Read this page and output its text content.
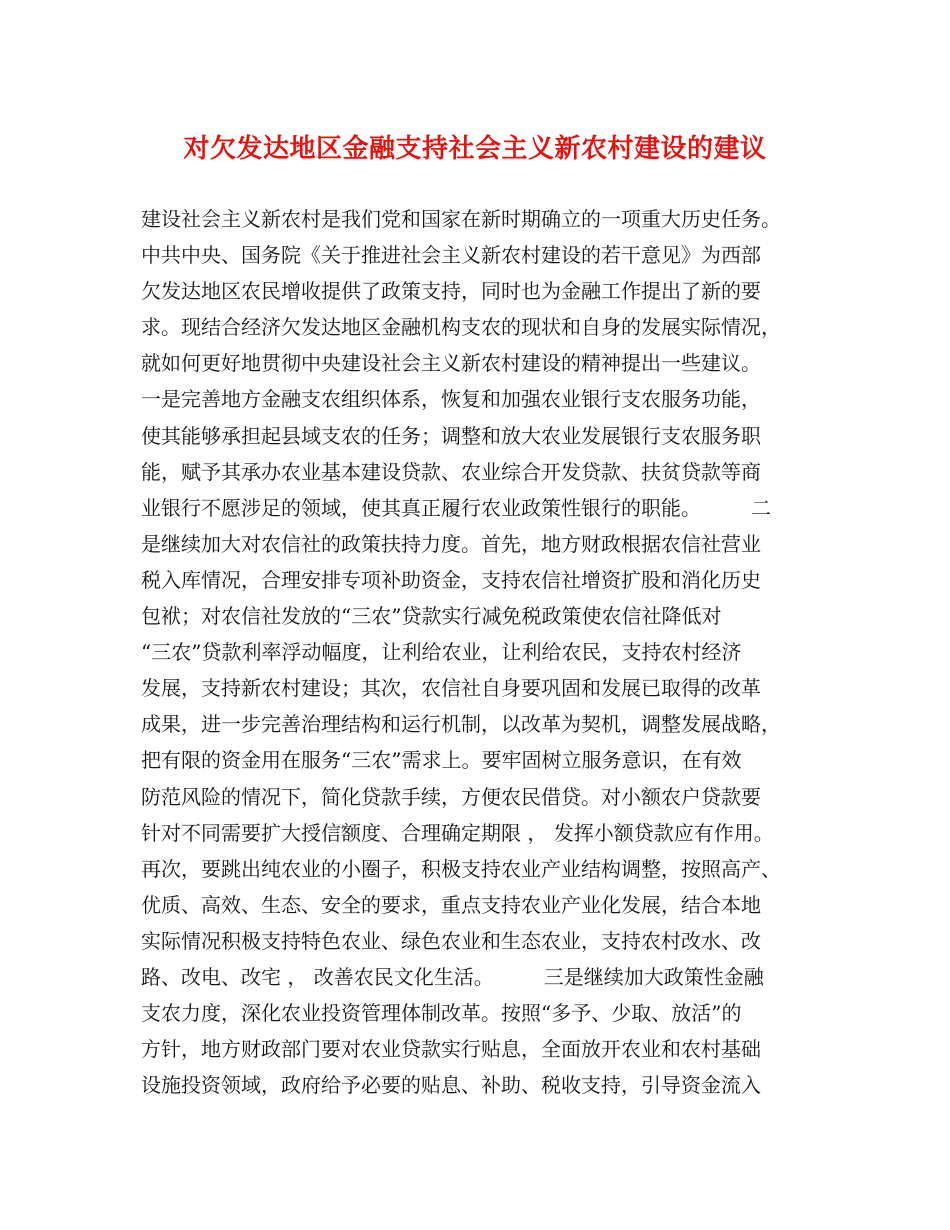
对欠发达地区金融支持社会主义新农村建设的建议
建设社会主义新农村是我们党和国家在新时期确立的一项重大历史任务。
中共中央、国务院《关于推进社会主义新农村建设的若干意见》为西部
欠发达地区农民增收提供了政策支持，同时也为金融工作提出了新的要
求。现结合经济欠发达地区金融机构支农的现状和自身的发展实际情况，
就如何更好地贯彻中央建设社会主义新农村建设的精神提出一些建议。
一是完善地方金融支农组织体系，恢复和加强农业银行支农服务功能，
使其能够承担起县域支农的任务；调整和放大农业发展银行支农服务职
能，赋予其承办农业基本建设贷款、农业综合开发贷款、扶贫贷款等商
业银行不愿涉足的领域，使其真正履行农业政策性银行的职能。　　　二
是继续加大对农信社的政策扶持力度。首先，地方财政根据农信社营业
税入库情况，合理安排专项补助资金，支持农信社增资扩股和消化历史
包袱；对农信社发放的“三农”贷款实行减免税政策使农信社降低对
“三农”贷款利率浮动幅度，让利给农业，让利给农民，支持农村经济
发展，支持新农村建设；其次，农信社自身要巩固和发展已取得的改革
成果，进一步完善治理结构和运行机制，以改革为契机，调整发展战略，
把有限的资金用在服务“三农”需求上。要牢固树立服务意识，在有效
防范风险的情况下，简化贷款手续，方便农民借贷。对小额农户贷款要
针对不同需要扩大授信额度、合理确定期限 ， 发挥小额贷款应有作用。
再次，要跳出纯农业的小圈子，积极支持农业产业结构调整，按照高产、
优质、高效、生态、安全的要求，重点支持农业产业化发展，结合本地
实际情况积极支持特色农业、绿色农业和生态农业，支持农村改水、改
路、改电、改宅 ， 改善农民文化生活。　　　三是继续加大政策性金融
支农力度，深化农业投资管理体制改革。按照“多予、少取、放活”的
方针，地方财政部门要对农业贷款实行贴息，全面放开农业和农村基础
设施投资领域，政府给予必要的贴息、补助、税收支持，引导资金流入
